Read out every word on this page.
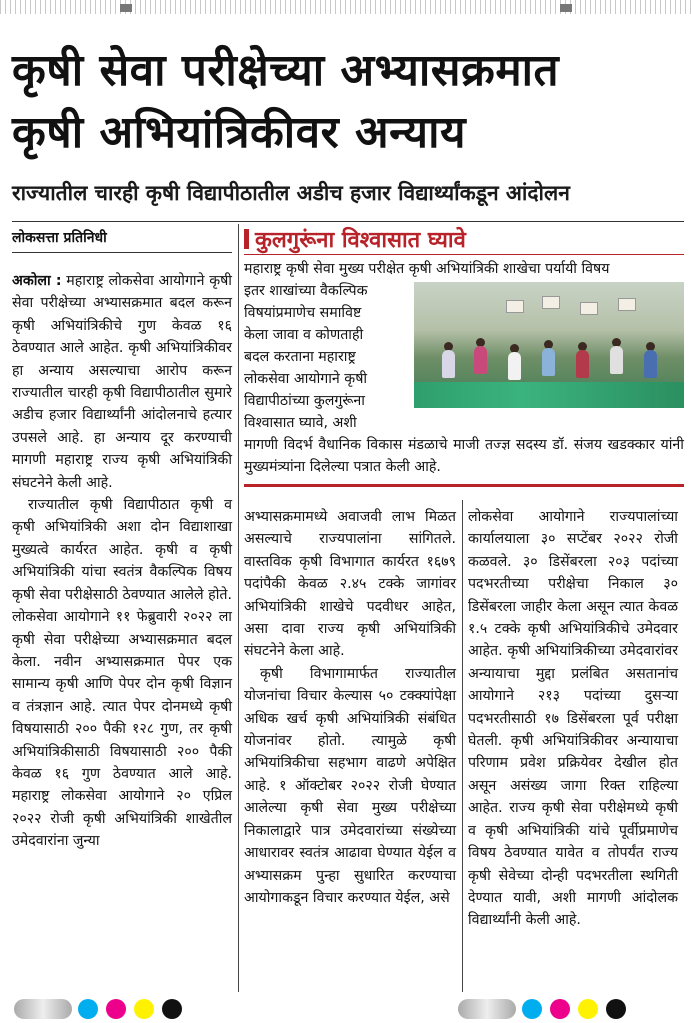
कृषी सेवा परीक्षेच्या अभ्यासक्रमात
कृषी अभियांत्रिकीवर अन्याय
राज्यातील चारही कृषी विद्यापीठातील अडीच हजार विद्यार्थ्यांकडून आंदोलन
लोकसत्ता प्रतिनिधी

अकोला : महाराष्ट्र लोकसेवा आयोगाने कृषी सेवा परीक्षेच्या अभ्यासक्रमात बदल करून कृषी अभियांत्रिकीचे गुण केवळ १६ ठेवण्यात आले आहेत. कृषी अभियांत्रिकीवर हा अन्याय असल्याचा आरोप करून राज्यातील चारही कृषी विद्यापीठातील सुमारे अडीच हजार विद्यार्थ्यांनी आंदोलनाचे हत्यार उपसले आहे. हा अन्याय दूर करण्याची मागणी महाराष्ट्र राज्य कृषी अभियांत्रिकी संघटनेने केली आहे.

राज्यातील कृषी विद्यापीठात कृषी व कृषी अभियांत्रिकी अशा दोन विद्याशाखा मुख्यत्वे कार्यरत आहेत. कृषी व कृषी अभियांत्रिकी यांचा स्वतंत्र वैकल्पिक विषय कृषी सेवा परीक्षेसाठी ठेवण्यात आलेले होते. लोकसेवा आयोगाने ११ फेब्रुवारी २०२२ ला कृषी सेवा परीक्षेच्या अभ्यासक्रमात बदल केला. नवीन अभ्यासक्रमात पेपर एक सामान्य कृषी आणि पेपर दोन कृषी विज्ञान व तंत्रज्ञान आहे. त्यात पेपर दोनमध्ये कृषी विषयासाठी २०० पैकी १२८ गुण, तर कृषी अभियांत्रिकीसाठी विषयासाठी २०० पैकी केवळ १६ गुण ठेवण्यात आले आहे. महाराष्ट्र लोकसेवा आयोगाने २० एप्रिल २०२२ रोजी कृषी अभियांत्रिकी शाखेतील उमेदवारांना जुन्या

कुलगुरूंना विश्वासात घ्यावे
महाराष्ट्र कृषी सेवा मुख्य परीक्षेत कृषी अभियांत्रिकी शाखेचा पर्यायी विषय
इतर शाखांच्या वैकल्पिक
विषयांप्रमाणेच समाविष्ट
केला जावा व कोणताही
बदल करताना महाराष्ट्र
लोकसेवा आयोगाने कृषी
विद्यापीठांच्या कुलगुरूंना
विश्वासात घ्यावे, अशी
मागणी विदर्भ वैधानिक विकास मंडळाचे माजी तज्ज्ञ सदस्य डॉ. संजय खडक्कार यांनी मुख्यमंत्र्यांना दिलेल्या पत्रात केली आहे.

अभ्यासक्रमामध्ये अवाजवी लाभ मिळत असल्याचे राज्यपालांना सांगितले. वास्तविक कृषी विभागात कार्यरत १६७९ पदांपैकी केवळ २.४५ टक्के जागांवर अभियांत्रिकी शाखेचे पदवीधर आहेत, असा दावा राज्य कृषी अभियांत्रिकी संघटनेने केला आहे.

कृषी विभागामार्फत राज्यातील योजनांचा विचार केल्यास ५० टक्क्यांपेक्षा अधिक खर्च कृषी अभियांत्रिकी संबंधित योजनांवर होतो. त्यामुळे कृषी अभियांत्रिकीचा सहभाग वाढणे अपेक्षित आहे. १ ऑक्टोबर २०२२ रोजी घेण्यात आलेल्या कृषी सेवा मुख्य परीक्षेच्या निकालाद्वारे पात्र उमेदवारांच्या संख्येच्या आधारावर स्वतंत्र आढावा घेण्यात येईल व अभ्यासक्रम पुन्हा सुधारित करण्याचा आयोगाकडून विचार करण्यात येईल, असे

लोकसेवा आयोगाने राज्यपालांच्या कार्यालयाला ३० सप्टेंबर २०२२ रोजी कळवले. ३० डिसेंबरला २०३ पदांच्या पदभरतीच्या परीक्षेचा निकाल ३० डिसेंबरला जाहीर केला असून त्यात केवळ १.५ टक्के कृषी अभियांत्रिकीचे उमेदवार आहेत. कृषी अभियांत्रिकीच्या उमेदवारांवर अन्यायाचा मुद्दा प्रलंबित असतानांच आयोगाने २१३ पदांच्या दुसऱ्या पदभरतीसाठी १७ डिसेंबरला पूर्व परीक्षा घेतली. कृषी अभियांत्रिकीवर अन्यायाचा परिणाम प्रवेश प्रक्रियेवर देखील होत असून असंख्य जागा रिक्त राहिल्या आहेत. राज्य कृषी सेवा परीक्षेमध्ये कृषी व कृषी अभियांत्रिकी यांचे पूर्वीप्रमाणेच विषय ठेवण्यात यावेत व तोपर्यंत राज्य कृषी सेवेच्या दोन्ही पदभरतीला स्थगिती देण्यात यावी, अशी मागणी आंदोलक विद्यार्थ्यांनी केली आहे.
